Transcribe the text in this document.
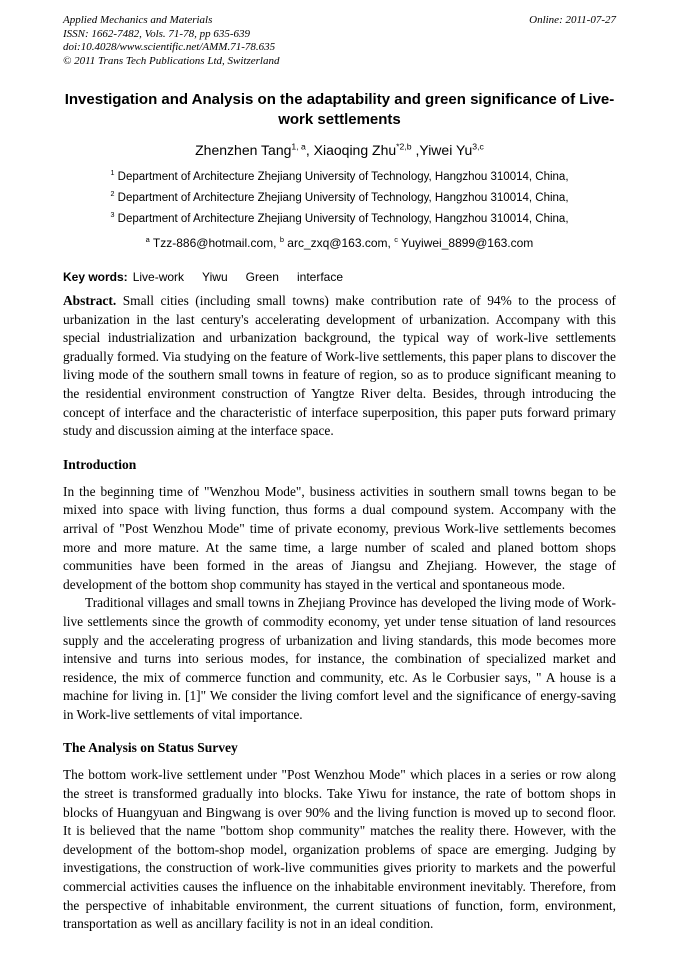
Applied Mechanics and Materials
ISSN: 1662-7482, Vols. 71-78, pp 635-639
doi:10.4028/www.scientific.net/AMM.71-78.635
© 2011 Trans Tech Publications Ltd, Switzerland
Online: 2011-07-27
Investigation and Analysis on the adaptability and green significance of Live-work settlements
Zhenzhen Tang$^{1, a}$, Xiaoqing Zhu$^{*2,b}$ ,Yiwei Yu$^{3,c}$
$^1$ Department of Architecture Zhejiang University of Technology, Hangzhou 310014, China,
$^2$ Department of Architecture Zhejiang University of Technology, Hangzhou 310014, China,
$^3$ Department of Architecture Zhejiang University of Technology, Hangzhou 310014, China,
$^a$ Tzz-886@hotmail.com, $^b$ arc_zxq@163.com, $^c$ Yuyiwei_8899@163.com
Key words: Live-work Yiwu Green interface

Abstract. Small cities (including small towns) make contribution rate of 94% to the process of urbanization in the last century's accelerating development of urbanization. Accompany with this special industrialization and urbanization background, the typical way of work-live settlements gradually formed. Via studying on the feature of Work-live settlements, this paper plans to discover the living mode of the southern small towns in feature of region, so as to produce significant meaning to the residential environment construction of Yangtze River delta. Besides, through introducing the concept of interface and the characteristic of interface superposition, this paper puts forward primary study and discussion aiming at the interface space.

Introduction

In the beginning time of "Wenzhou Mode", business activities in southern small towns began to be mixed into space with living function, thus forms a dual compound system. Accompany with the arrival of "Post Wenzhou Mode" time of private economy, previous Work-live settlements becomes more and more mature. At the same time, a large number of scaled and planed bottom shops communities have been formed in the areas of Jiangsu and Zhejiang. However, the stage of development of the bottom shop community has stayed in the vertical and spontaneous mode.

Traditional villages and small towns in Zhejiang Province has developed the living mode of Work-live settlements since the growth of commodity economy, yet under tense situation of land resources supply and the accelerating progress of urbanization and living standards, this mode becomes more intensive and turns into serious modes, for instance, the combination of specialized market and residence, the mix of commerce function and community, etc. As le Corbusier says, " A house is a machine for living in. [1]" We consider the living comfort level and the significance of energy-saving in Work-live settlements of vital importance.

The Analysis on Status Survey

The bottom work-live settlement under "Post Wenzhou Mode" which places in a series or row along the street is transformed gradually into blocks. Take Yiwu for instance, the rate of bottom shops in blocks of Huangyuan and Bingwang is over 90% and the living function is moved up to second floor. It is believed that the name "bottom shop community" matches the reality there. However, with the development of the bottom-shop model, organization problems of space are emerging. Judging by investigations, the construction of work-live communities gives priority to markets and the powerful commercial activities causes the influence on the inhabitable environment inevitably. Therefore, from the perspective of inhabitable environment, the current situations of function, form, environment, transportation as well as ancillary facility is not in an ideal condition.
